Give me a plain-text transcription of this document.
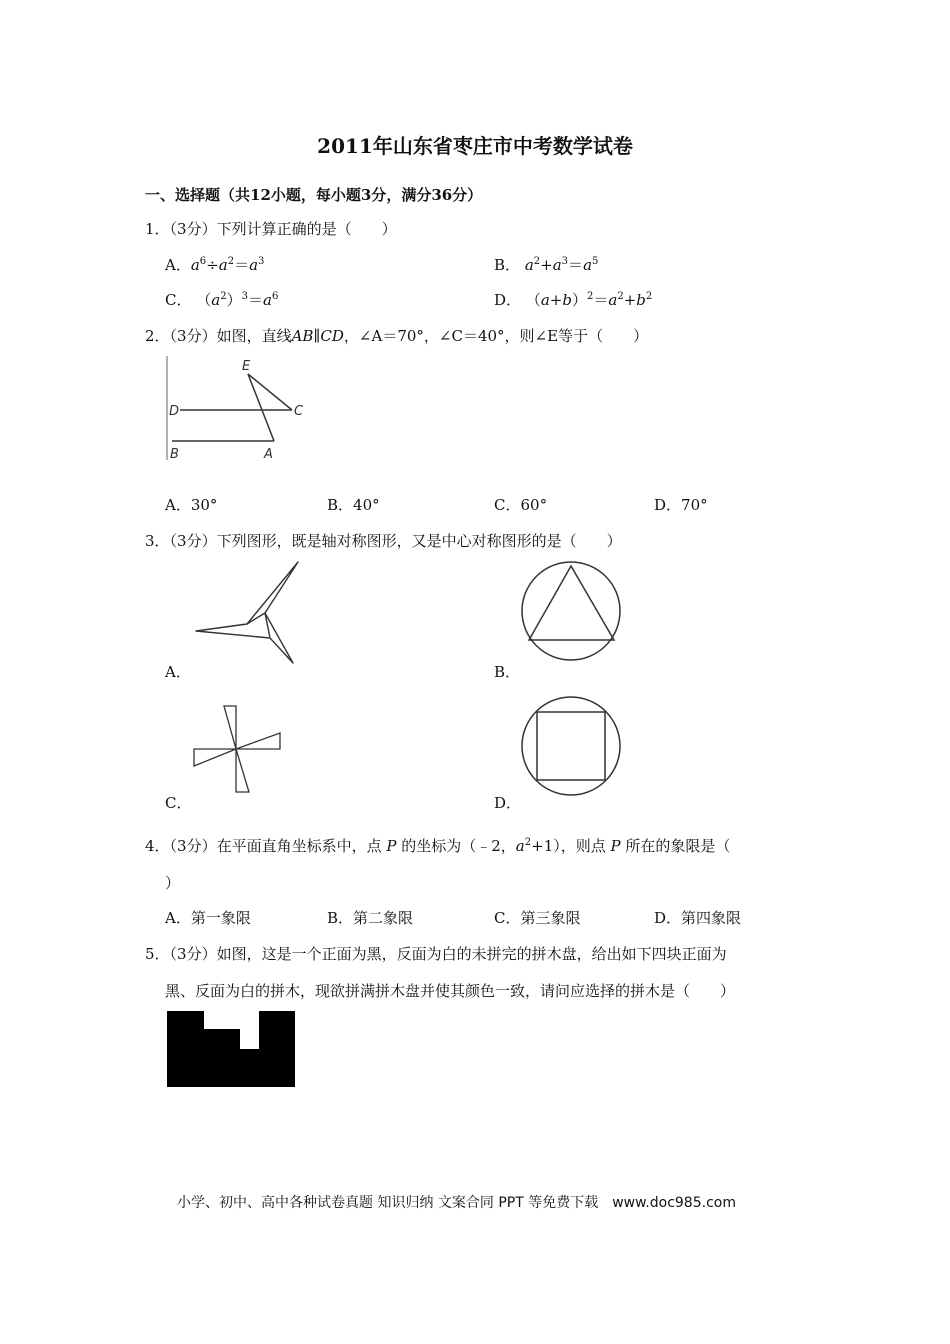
2011年山东省枣庄市中考数学试卷
一、选择题（共12小题，每小题3分，满分36分）
1．（3分）下列计算正确的是（　　）
A．$a^6\div a^2=a^3$	B． $a^2+a^3=a^5$
C． $(a^2)^3=a^6$	D． $(a+b)^2=a^2+b^2$
2．（3分）如图，直线AB∥CD，∠A＝70°，∠C＝40°，则∠E等于（　　）
E
D	C
B	A
A．30°	B．40°	C．60°	D．70°
3．（3分）下列图形，既是轴对称图形，又是中心对称图形的是（　　）
A．	B．
C．	D．
4．（3分）在平面直角坐标系中，点 P 的坐标为（﹣2，$a^2+1$），则点 P 所在的象限是（
）
A．第一象限	B．第二象限	C．第三象限	D．第四象限
5．（3分）如图，这是一个正面为黑，反面为白的未拼完的拼木盘，给出如下四块正面为
黑、反面为白的拼木，现欲拼满拼木盘并使其颜色一致，请问应选择的拼木是（　　）
小学、初中、高中各种试卷真题 知识归纳 文案合同 PPT 等免费下载　www.doc985.com
